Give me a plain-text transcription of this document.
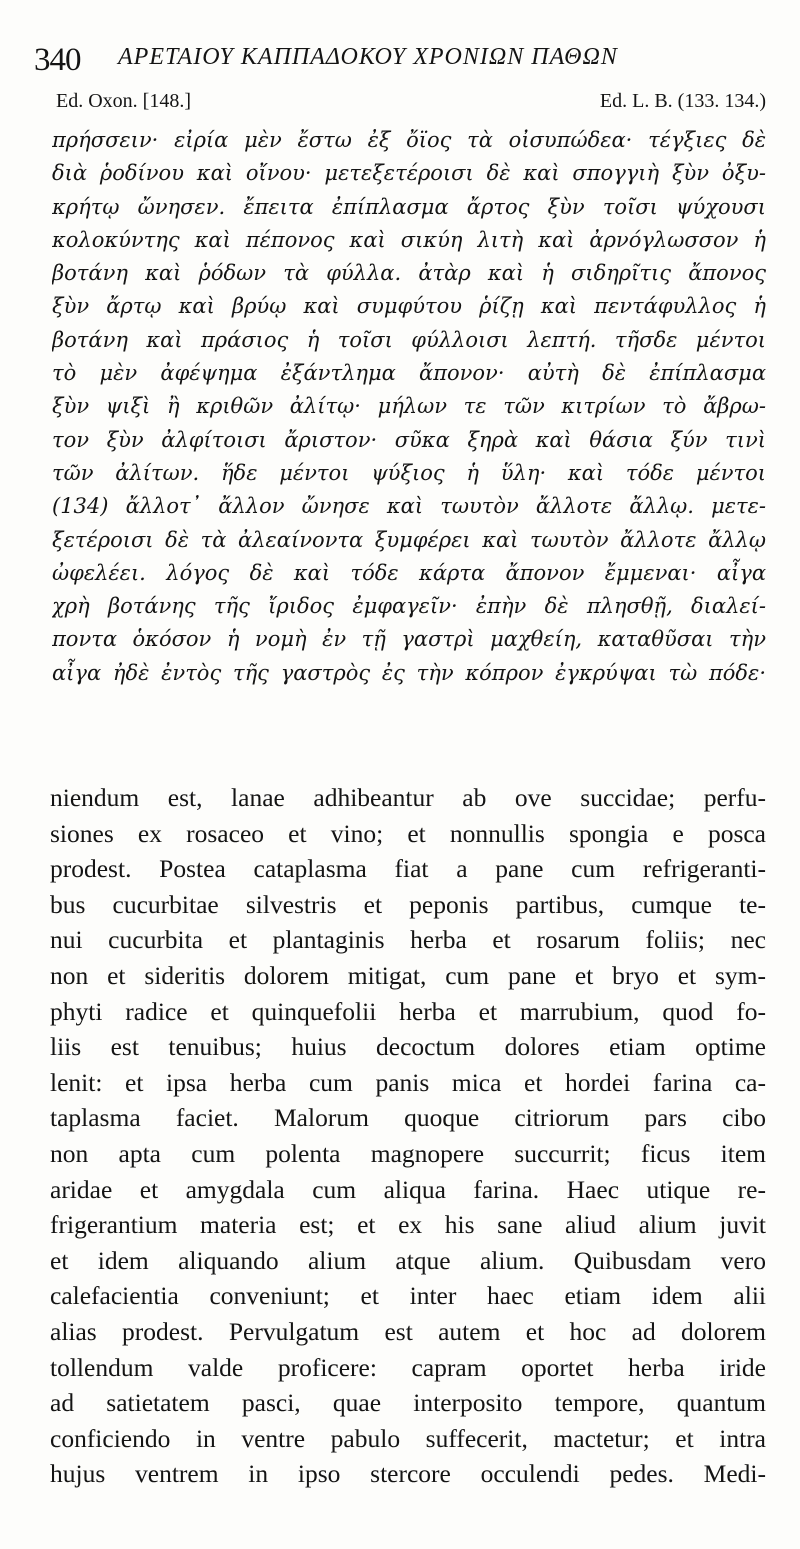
340 ΑΡΕΤΑΙΟΥ ΚΑΠΠΑΔΟΚΟΥ ΧΡΟΝΙΩΝ ΠΑΘΩΝ
Ed. Oxon. [148.]	Ed. L. B. (133. 134.)
πρήσσειν· εἰρία μὲν ἔστω ἐξ ὄϊος τὰ οἰσυπώδεα· τέγξιες δὲ
διὰ ῥοδίνου καὶ οἴνου· μετεξετέροισι δὲ καὶ σπογγιὴ ξὺν ὀξυ-
κρήτῳ ὤνησεν. ἔπειτα ἐπίπλασμα ἄρτος ξὺν τοῖσι ψύχουσι
κολοκύντης καὶ πέπονος καὶ σικύη λιτὴ καὶ ἀρνόγλωσσον ἡ
βοτάνη καὶ ῥόδων τὰ φύλλα. ἀτὰρ καὶ ἡ σιδηρῖτις ἄπονος
ξὺν ἄρτῳ καὶ βρύῳ καὶ συμφύτου ῥίζῃ καὶ πεντάφυλλος ἡ
βοτάνη καὶ πράσιος ἡ τοῖσι φύλλοισι λεπτή. τῆσδε μέντοι
τὸ μὲν ἀφέψημα ἐξάντλημα ἄπονον· αὐτὴ δὲ ἐπίπλασμα
ξὺν ψιξὶ ἢ κριθῶν ἀλίτῳ· μήλων τε τῶν κιτρίων τὸ ἄβρω-
τον ξὺν ἀλφίτοισι ἄριστον· σῦκα ξηρὰ καὶ θάσια ξύν τινὶ
τῶν ἀλίτων. ἥδε μέντοι ψύξιος ἡ ὕλη· καὶ τόδε μέντοι
(134) ἄλλοτ᾽ ἄλλον ὤνησε καὶ τωυτὸν ἄλλοτε ἄλλῳ. μετε-
ξετέροισι δὲ τὰ ἀλεαίνοντα ξυμφέρει καὶ τωυτὸν ἄλλοτε ἄλλῳ
ὠφελέει. λόγος δὲ καὶ τόδε κάρτα ἄπονον ἔμμεναι· αἶγα
χρὴ βοτάνης τῆς ἴριδος ἐμφαγεῖν· ἐπὴν δὲ πλησθῇ, διαλεί-
ποντα ὁκόσον ἡ νομὴ ἐν τῇ γαστρὶ μαχθείη, καταθῦσαι τὴν
αἶγα ἠδὲ ἐντὸς τῆς γαστρὸς ἐς τὴν κόπρον ἐγκρύψαι τὼ πόδε·
niendum est, lanae adhibeantur ab ove succidae; perfu-
siones ex rosaceo et vino; et nonnullis spongia e posca
prodest. Postea cataplasma fiat a pane cum refrigeranti-
bus cucurbitae silvestris et peponis partibus, cumque te-
nui cucurbita et plantaginis herba et rosarum foliis; nec
non et sideritis dolorem mitigat, cum pane et bryo et sym-
phyti radice et quinquefolii herba et marrubium, quod fo-
liis est tenuibus; huius decoctum dolores etiam optime
lenit: et ipsa herba cum panis mica et hordei farina ca-
taplasma faciet. Malorum quoque citriorum pars cibo
non apta cum polenta magnopere succurrit; ficus item
aridae et amygdala cum aliqua farina. Haec utique re-
frigerantium materia est; et ex his sane aliud alium juvit
et idem aliquando alium atque alium. Quibusdam vero
calefacientia conveniunt; et inter haec etiam idem alii
alias prodest. Pervulgatum est autem et hoc ad dolorem
tollendum valde proficere: capram oportet herba iride
ad satietatem pasci, quae interposito tempore, quantum
conficiendo in ventre pabulo suffecerit, mactetur; et intra
hujus ventrem in ipso stercore occulendi pedes. Medi-
